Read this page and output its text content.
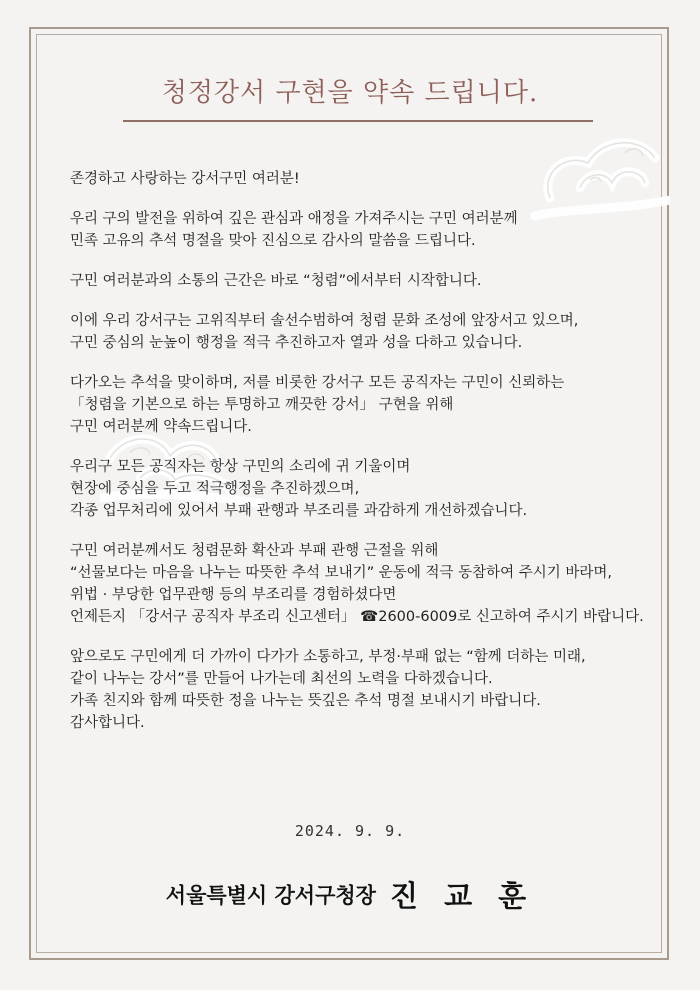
청정강서 구현을 약속 드립니다.

존경하고 사랑하는 강서구민 여러분!

우리 구의 발전을 위하여 깊은 관심과 애정을 가져주시는 구민 여러분께
민족 고유의 추석 명절을 맞아 진심으로 감사의 말씀을 드립니다.

구민 여러분과의 소통의 근간은 바로 “청렴”에서부터 시작합니다.

이에 우리 강서구는 고위직부터 솔선수범하여 청렴 문화 조성에 앞장서고 있으며,
구민 중심의 눈높이 행정을 적극 추진하고자 열과 성을 다하고 있습니다.

다가오는 추석을 맞이하며, 저를 비롯한 강서구 모든 공직자는 구민이 신뢰하는
「청렴을 기본으로 하는 투명하고 깨끗한 강서」 구현을 위해
구민 여러분께 약속드립니다.

우리구 모든 공직자는 항상 구민의 소리에 귀 기울이며
현장에 중심을 두고 적극행정을 추진하겠으며,
각종 업무처리에 있어서 부패 관행과 부조리를 과감하게 개선하겠습니다.

구민 여러분께서도 청렴문화 확산과 부패 관행 근절을 위해
“선물보다는 마음을 나누는 따뜻한 추석 보내기” 운동에 적극 동참하여 주시기 바라며,
위법 · 부당한 업무관행 등의 부조리를 경험하셨다면
언제든지 「강서구 공직자 부조리 신고센터」 ☎2600-6009로 신고하여 주시기 바랍니다.

앞으로도 구민에게 더 가까이 다가가 소통하고, 부정·부패 없는 “함께 더하는 미래,
같이 나누는 강서”를 만들어 나가는데 최선의 노력을 다하겠습니다.
가족 친지와 함께 따뜻한 정을 나누는 뜻깊은 추석 명절 보내시기 바랍니다.
감사합니다.

2024. 9. 9.
서울특별시 강서구청장 진 교 훈
